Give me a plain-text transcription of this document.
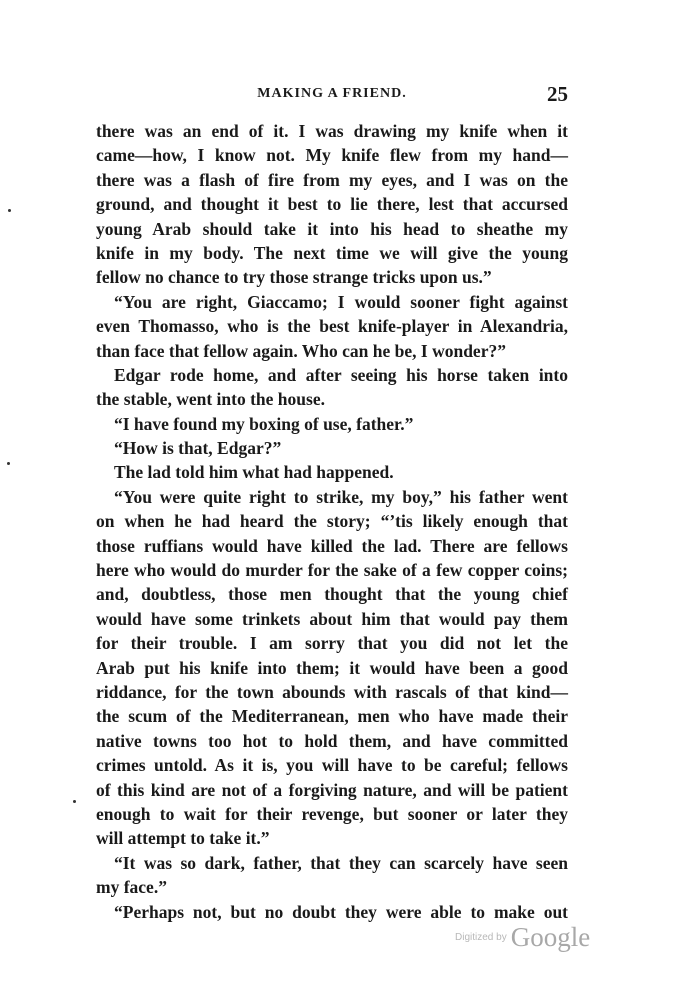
MAKING A FRIEND.	25
there was an end of it. I was drawing my knife when it
came—how, I know not. My knife flew from my hand—
there was a flash of fire from my eyes, and I was on the
ground, and thought it best to lie there, lest that accursed
young Arab should take it into his head to sheathe my
knife in my body. The next time we will give the young
fellow no chance to try those strange tricks upon us.”
“You are right, Giaccamo; I would sooner fight against
even Thomasso, who is the best knife-player in Alexandria,
than face that fellow again. Who can he be, I wonder?”
Edgar rode home, and after seeing his horse taken into
the stable, went into the house.
“I have found my boxing of use, father.”
“How is that, Edgar?”
The lad told him what had happened.
“You were quite right to strike, my boy,” his father went
on when he had heard the story; “’tis likely enough that
those ruffians would have killed the lad. There are fellows
here who would do murder for the sake of a few copper coins;
and, doubtless, those men thought that the young chief
would have some trinkets about him that would pay them
for their trouble. I am sorry that you did not let the
Arab put his knife into them; it would have been a good
riddance, for the town abounds with rascals of that kind—
the scum of the Mediterranean, men who have made their
native towns too hot to hold them, and have committed
crimes untold. As it is, you will have to be careful; fellows
of this kind are not of a forgiving nature, and will be patient
enough to wait for their revenge, but sooner or later they
will attempt to take it.”
“It was so dark, father, that they can scarcely have seen
my face.”
“Perhaps not, but no doubt they were able to make out
Digitized by Google
